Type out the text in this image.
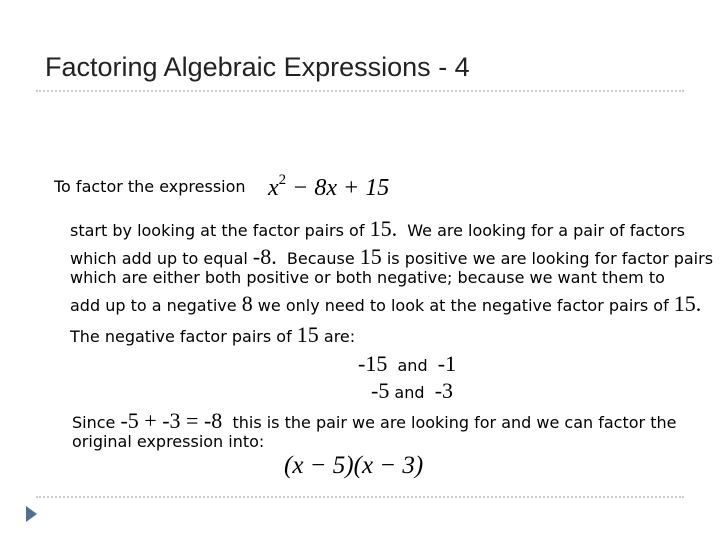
Factoring Algebraic Expressions - 4
To factor the expression $x^2 - 8x + 15$
start by looking at the factor pairs of 15. We are looking for a pair of factors
which add up to equal -8. Because 15 is positive we are looking for factor pairs
which are either both positive or both negative; because we want them to
add up to a negative 8 we only need to look at the negative factor pairs of 15.
The negative factor pairs of 15 are:
-15 and -1
-5 and -3
Since -5 + -3 = -8 this is the pair we are looking for and we can factor the
original expression into:
(x − 5)(x − 3)
